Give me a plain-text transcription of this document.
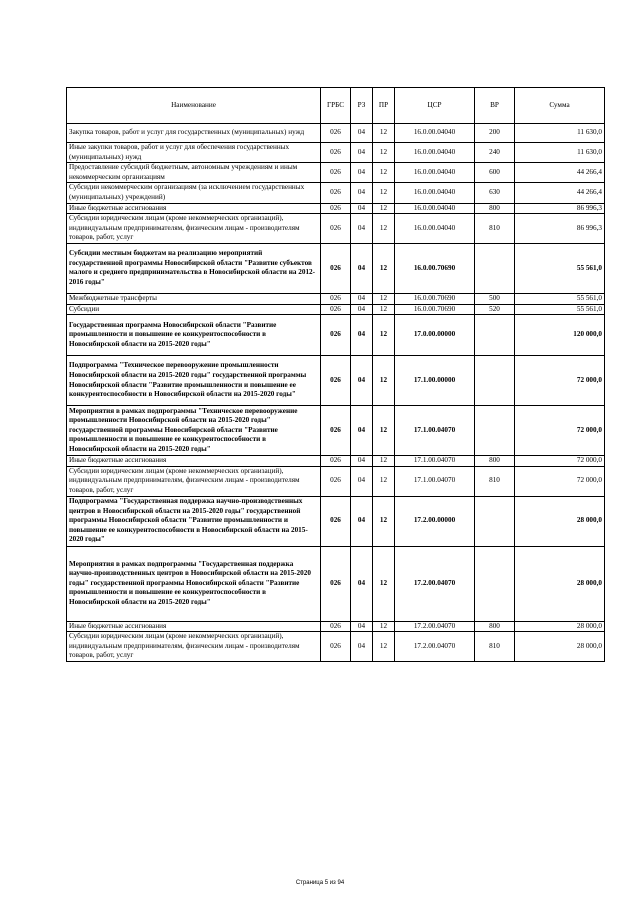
Наименование	ГРБС	РЗ	ПР	ЦСР	ВР	Сумма
Закупка товаров, работ и услуг для государственных (муниципальных) нужд	026	04	12	16.0.00.04040	200	11 630,0
Иные закупки товаров, работ и услуг для обеспечения государственных (муниципальных) нужд	026	04	12	16.0.00.04040	240	11 630,0
Предоставление субсидий бюджетным, автономным учреждениям и иным некоммерческим организациям	026	04	12	16.0.00.04040	600	44 266,4
Субсидии некоммерческим организациям (за исключением государственных (муниципальных) учреждений)	026	04	12	16.0.00.04040	630	44 266,4
Иные бюджетные ассигнования	026	04	12	16.0.00.04040	800	86 996,3
Субсидии юридическим лицам (кроме некоммерческих организаций), индивидуальным предпринимателям, физическим лицам - производителям товаров, работ, услуг	026	04	12	16.0.00.04040	810	86 996,3
Субсидии местным бюджетам на реализацию мероприятий государственной программы Новосибирской области "Развитие субъектов малого и среднего предпринимательства в Новосибирской области на 2012-2016 годы"	026	04	12	16.0.00.70690		55 561,0
Межбюджетные трансферты	026	04	12	16.0.00.70690	500	55 561,0
Субсидии	026	04	12	16.0.00.70690	520	55 561,0
Государственная программа Новосибирской области "Развитие промышленности и повышение ее конкурентоспособности в Новосибирской области на 2015-2020 годы"	026	04	12	17.0.00.00000		120 000,0
Подпрограмма "Техническое перевооружение промышленности Новосибирской области на 2015-2020 годы" государственной программы Новосибирской области "Развитие промышленности и повышение ее конкурентоспособности в Новосибирской области на 2015-2020 годы"	026	04	12	17.1.00.00000		72 000,0
Мероприятия в рамках подпрограммы "Техническое перевооружение промышленности Новосибирской области на 2015-2020 годы" государственной программы Новосибирской области "Развитие промышленности и повышение ее конкурентоспособности в Новосибирской области на 2015-2020 годы"	026	04	12	17.1.00.04070		72 000,0
Иные бюджетные ассигнования	026	04	12	17.1.00.04070	800	72 000,0
Субсидии юридическим лицам (кроме некоммерческих организаций), индивидуальным предпринимателям, физическим лицам - производителям товаров, работ, услуг	026	04	12	17.1.00.04070	810	72 000,0
Подпрограмма "Государственная поддержка научно-производственных центров в Новосибирской области на 2015-2020 годы" государственной программы Новосибирской области "Развитие промышленности и повышение ее конкурентоспособности в Новосибирской области на 2015-2020 годы"	026	04	12	17.2.00.00000		28 000,0
Мероприятия в рамках подпрограммы "Государственная поддержка научно-производственных центров в Новосибирской области на 2015-2020 годы" государственной программы Новосибирской области "Развитие промышленности и повышение ее конкурентоспособности в Новосибирской области на 2015-2020 годы"	026	04	12	17.2.00.04070		28 000,0
Иные бюджетные ассигнования	026	04	12	17.2.00.04070	800	28 000,0
Субсидии юридическим лицам (кроме некоммерческих организаций), индивидуальным предпринимателям, физическим лицам - производителям товаров, работ, услуг	026	04	12	17.2.00.04070	810	28 000,0
Страница 5 из 94
